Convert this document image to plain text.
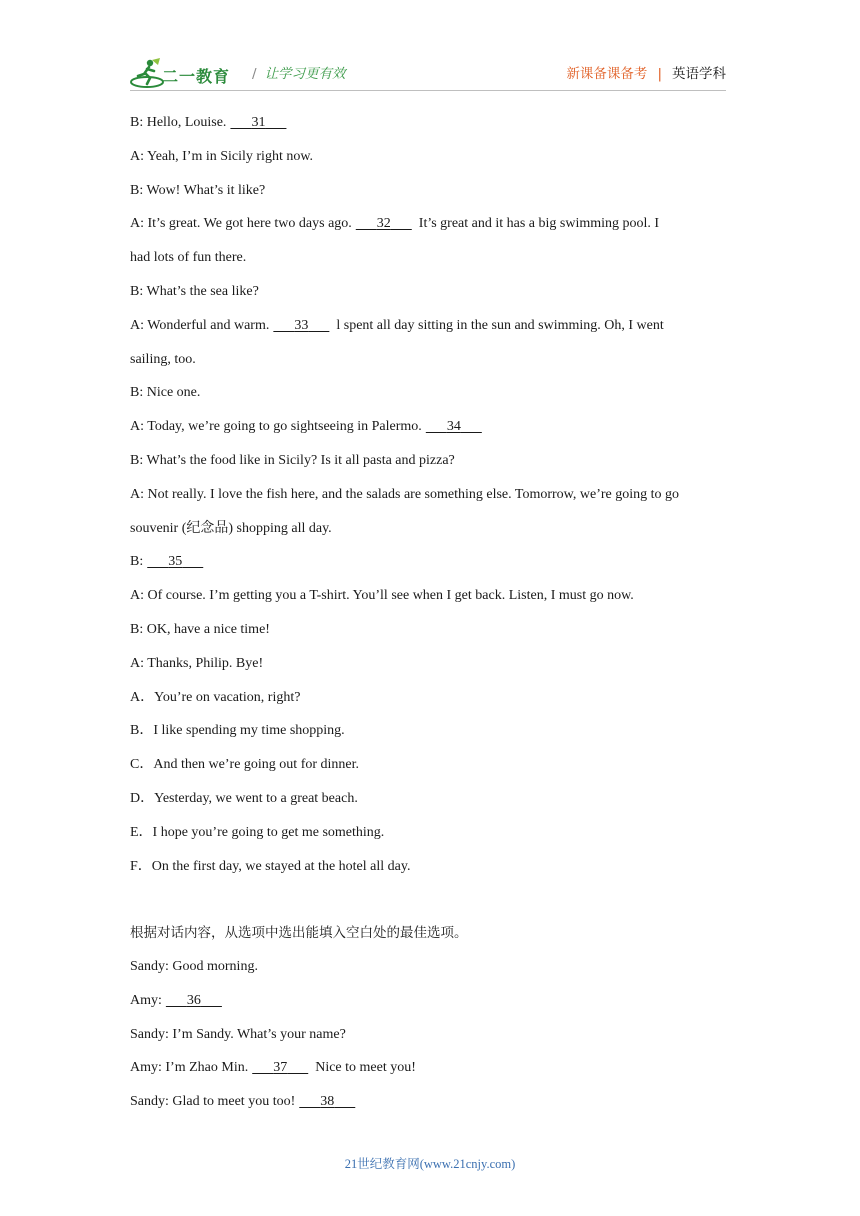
二一教育 / 让学习更有效	新课备课备考 | 英语学科
B: Hello, Louise. 31
A: Yeah, I’m in Sicily right now.
B: Wow! What’s it like?
A: It’s great. We got here two days ago. 32 It’s great and it has a big swimming pool. I
had lots of fun there.
B: What’s the sea like?
A: Wonderful and warm. 33 l spent all day sitting in the sun and swimming. Oh, I went
sailing, too.
B: Nice one.
A: Today, we’re going to go sightseeing in Palermo. 34
B: What’s the food like in Sicily? Is it all pasta and pizza?
A: Not really. I love the fish here, and the salads are something else. Tomorrow, we’re going to go
souvenir (纪念品) shopping all day.
B: 35
A: Of course. I’m getting you a T-shirt. You’ll see when I get back. Listen, I must go now.
B: OK, have a nice time!
A: Thanks, Philip. Bye!
A．You’re on vacation, right?
B．I like spending my time shopping.
C．And then we’re going out for dinner.
D．Yesterday, we went to a great beach.
E．I hope you’re going to get me something.
F．On the first day, we stayed at the hotel all day.
根据对话内容，从选项中选出能填入空白处的最佳选项。
Sandy: Good morning.
Amy: 36
Sandy: I’m Sandy. What’s your name?
Amy: I’m Zhao Min. 37 Nice to meet you!
Sandy: Glad to meet you too! 38
21世纪教育网(www.21cnjy.com)
